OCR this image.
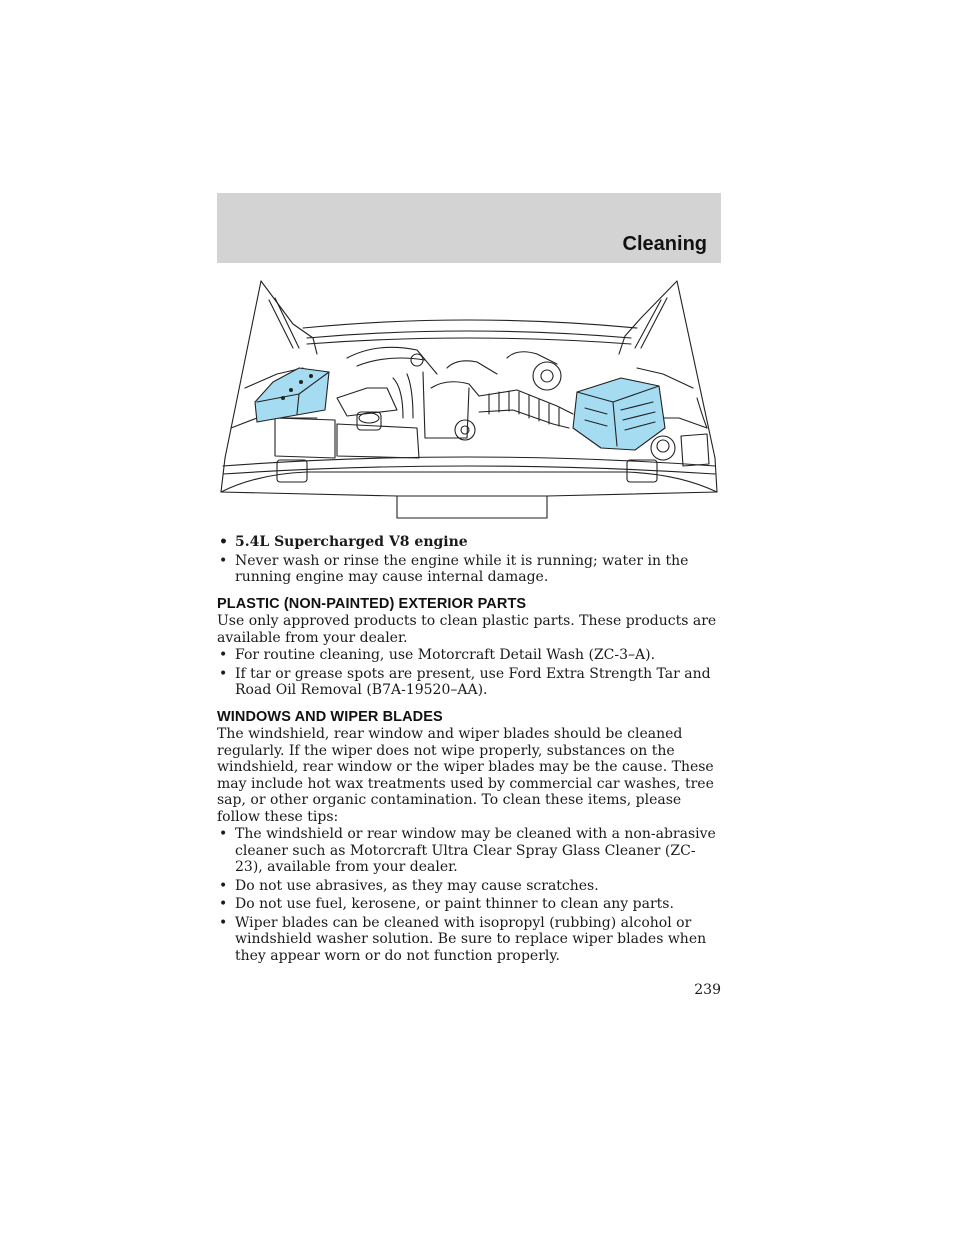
Cleaning
• 5.4L Supercharged V8 engine
• Never wash or rinse the engine while it is running; water in the running engine may cause internal damage.
PLASTIC (NON-PAINTED) EXTERIOR PARTS

Use only approved products to clean plastic parts. These products are available from your dealer.

• For routine cleaning, use Motorcraft Detail Wash (ZC-3–A).
• If tar or grease spots are present, use Ford Extra Strength Tar and Road Oil Removal (B7A-19520–AA).
WINDOWS AND WIPER BLADES

The windshield, rear window and wiper blades should be cleaned regularly. If the wiper does not wipe properly, substances on the windshield, rear window or the wiper blades may be the cause. These may include hot wax treatments used by commercial car washes, tree sap, or other organic contamination. To clean these items, please follow these tips:

• The windshield or rear window may be cleaned with a non-abrasive cleaner such as Motorcraft Ultra Clear Spray Glass Cleaner (ZC-23), available from your dealer.
• Do not use abrasives, as they may cause scratches.
• Do not use fuel, kerosene, or paint thinner to clean any parts.
• Wiper blades can be cleaned with isopropyl (rubbing) alcohol or windshield washer solution. Be sure to replace wiper blades when they appear worn or do not function properly.
239
